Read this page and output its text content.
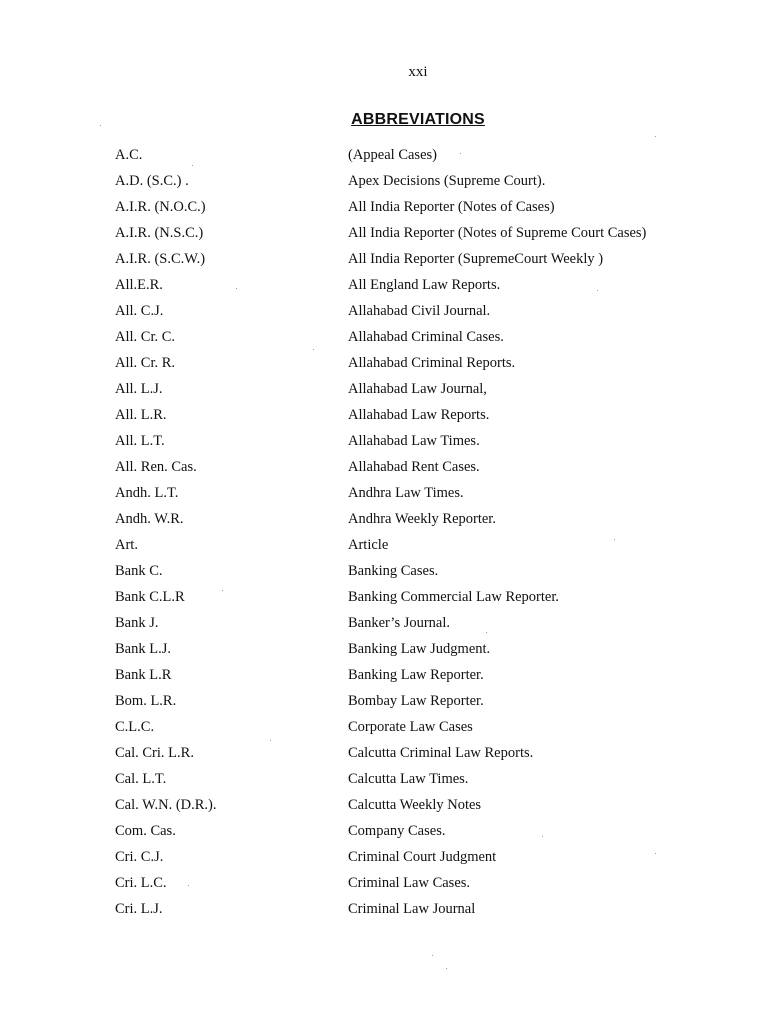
xxi
ABBREVIATIONS
A.C.	(Appeal Cases)
A.D. (S.C.) .	Apex Decisions (Supreme Court).
A.I.R. (N.O.C.)	All India Reporter (Notes of Cases)
A.I.R. (N.S.C.)	All India Reporter (Notes of Supreme Court Cases)
A.I.R. (S.C.W.)	All India Reporter (SupremeCourt Weekly )
All.E.R.	All England Law Reports.
All. C.J.	Allahabad Civil Journal.
All. Cr. C.	Allahabad Criminal Cases.
All. Cr. R.	Allahabad Criminal Reports.
All. L.J.	Allahabad Law Journal,
All. L.R.	Allahabad Law Reports.
All. L.T.	Allahabad Law Times.
All. Ren. Cas.	Allahabad Rent Cases.
Andh. L.T.	Andhra Law Times.
Andh. W.R.	Andhra Weekly Reporter.
Art.	Article
Bank C.	Banking Cases.
Bank C.L.R	Banking Commercial Law Reporter.
Bank J.	Banker’s Journal.
Bank L.J.	Banking Law Judgment.
Bank L.R	Banking Law Reporter.
Bom. L.R.	Bombay Law Reporter.
C.L.C.	Corporate Law Cases
Cal. Cri. L.R.	Calcutta Criminal Law Reports.
Cal. L.T.	Calcutta Law Times.
Cal. W.N. (D.R.).	Calcutta Weekly Notes
Com. Cas.	Company Cases.
Cri. C.J.	Criminal Court Judgment
Cri. L.C.	Criminal Law Cases.
Cri. L.J.	Criminal Law Journal
